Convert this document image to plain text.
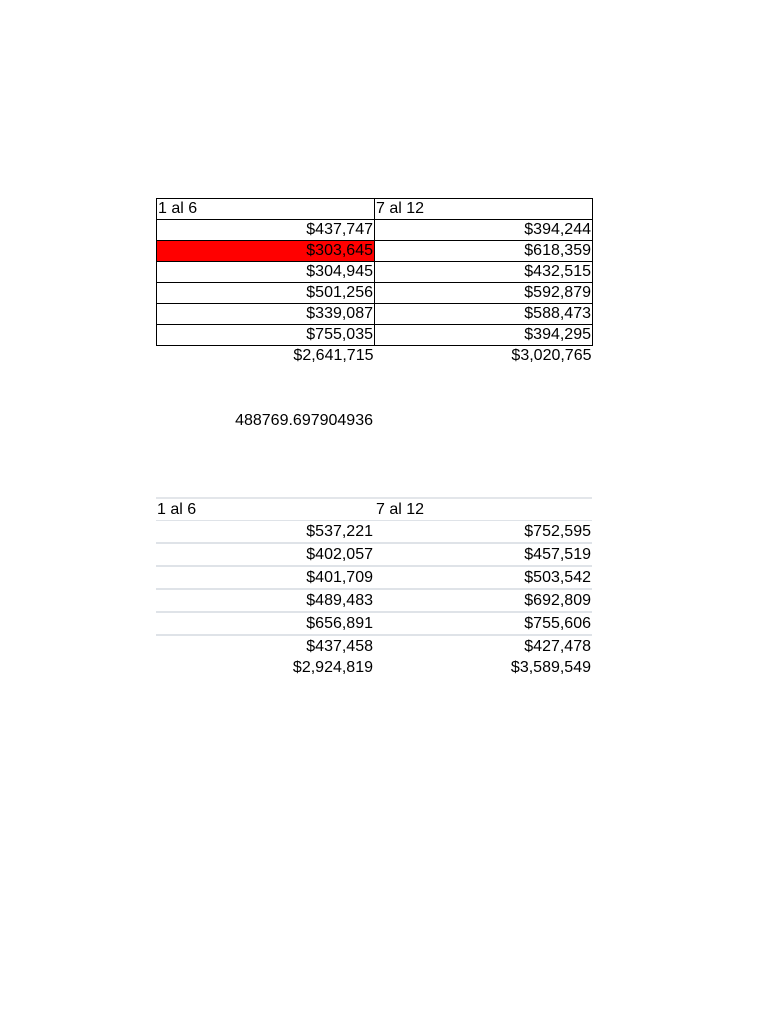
1 al 6	7 al 12
$437,747	$394,244
$303,645	$618,359
$304,945	$432,515
$501,256	$592,879
$339,087	$588,473
$755,035	$394,295
$2,641,715	$3,020,765
488769.697904936
1 al 6	7 al 12
$537,221	$752,595
$402,057	$457,519
$401,709	$503,542
$489,483	$692,809
$656,891	$755,606
$437,458	$427,478
$2,924,819	$3,589,549
